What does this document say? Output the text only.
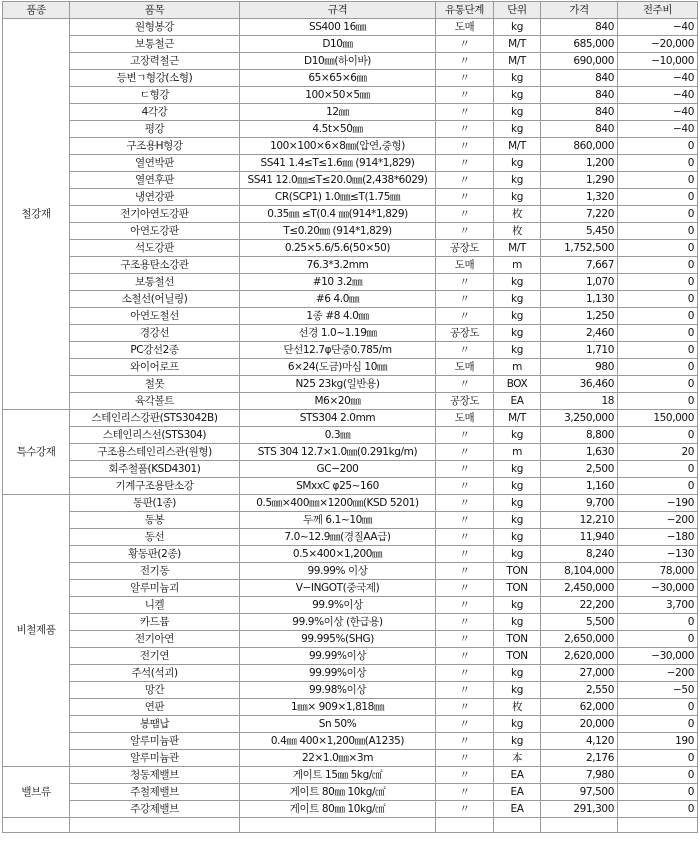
품종	품목	규격	유통단계	단위	가격	전주비
철강재	원형봉강	SS400 16㎜	도매	kg	840	−40
	보통철근	D10㎜	〃	M/T	685,000	−20,000
	고장력철근	D10㎜(하이바)	〃	M/T	690,000	−10,000
	등변ㄱ형강(소형)	65×65×6㎜	〃	kg	840	−40
	ㄷ형강	100×50×5㎜	〃	kg	840	−40
	4각강	12㎜	〃	kg	840	−40
	평강	4.5t×50㎜	〃	kg	840	−40
	구조용H형강	100×100×6×8㎜(압연,중형)	〃	M/T	860,000	0
	열연박판	SS41 1.4≤T≤1.6㎜ (914*1,829)	〃	kg	1,200	0
	열연후판	SS41 12.0㎜≤T≤20.0㎜(2,438*6029)	〃	kg	1,290	0
	냉연강판	CR(SCP1) 1.0㎜≤T(1.75㎜	〃	kg	1,320	0
	전기아연도강판	0.35㎜ ≤T(0.4 ㎜(914*1,829)	〃	枚	7,220	0
	아연도강판	T≤0.20㎜ (914*1,829)	〃	枚	5,450	0
	석도강판	0.25×5.6/5.6(50×50)	공장도	M/T	1,752,500	0
	구조용탄소강관	76.3*3.2mm	도매	m	7,667	0
	보통철선	#10 3.2㎜	〃	kg	1,070	0
	소철선(어닐링)	#6 4.0㎜	〃	kg	1,130	0
	아연도철선	1종 #8 4.0㎜	〃	kg	1,250	0
	경강선	선경 1.0~1.19㎜	공장도	kg	2,460	0
	PC강선2종	단선12.7φ단중0.785/m	〃	kg	1,710	0
	와이어로프	6×24(도금)마심 10㎜	도매	m	980	0
	철못	N25 23kg(일반용)	〃	BOX	36,460	0
	육각볼트	M6×20㎜	공장도	EA	18	0
특수강재	스테인리스강판(STS3042B)	STS304 2.0mm	도매	M/T	3,250,000	150,000
	스테인리스선(STS304)	0.3㎜	〃	kg	8,800	0
	구조용스테인리스관(원형)	STS 304 12.7×1.0㎜(0.291kg/m)	〃	m	1,630	20
	회주철품(KSD4301)	GC−200	〃	kg	2,500	0
	기계구조용탄소강	SMxxC φ25~160	〃	kg	1,160	0
비철제품	동판(1종)	0.5㎜×400㎜×1200㎜(KSD 5201)	〃	kg	9,700	−190
	동봉	두께 6.1~10㎜	〃	kg	12,210	−200
	동선	7.0~12.9㎜(경질AA급)	〃	kg	11,940	−180
	황동판(2종)	0.5×400×1,200㎜	〃	kg	8,240	−130
	전기동	99.99% 이상	〃	TON	8,104,000	78,000
	알루미늄괴	V−INGOT(중국제)	〃	TON	2,450,000	−30,000
	니켈	99.9%이상	〃	kg	22,200	3,700
	카드뮴	99.9%이상 (한급용)	〃	kg	5,500	0
	전기아연	99.995%(SHG)	〃	TON	2,650,000	0
	전기연	99.99%이상	〃	TON	2,620,000	−30,000
	주석(석괴)	99.99%이상	〃	kg	27,000	−200
	망간	99.98%이상	〃	kg	2,550	−50
	연판	1㎜× 909×1,818㎜	〃	枚	62,000	0
	봉땜납	Sn 50%	〃	kg	20,000	0
	알루미늄판	0.4㎜ 400×1,200㎜(A1235)	〃	kg	4,120	190
	알루미늄관	22×1.0㎜×3m	〃	本	2,176	0
밸브류	청동제밸브	게이트 15㎜ 5kg/㎠	〃	EA	7,980	0
	주철제밸브	게이트 80㎜ 10kg/㎠	〃	EA	97,500	0
	주강제밸브	게이트 80㎜ 10kg/㎠	〃	EA	291,300	0
